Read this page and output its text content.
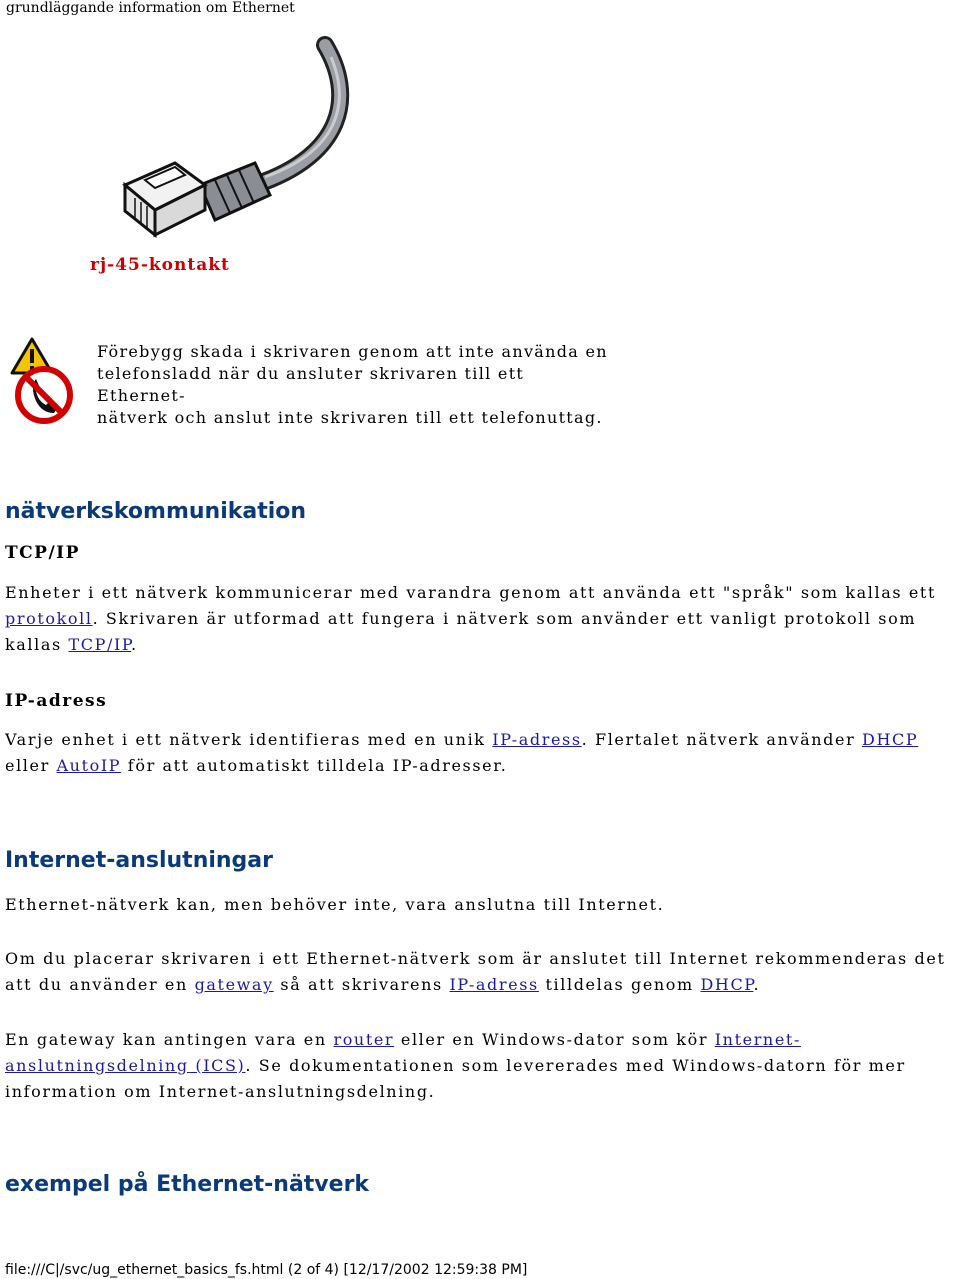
grundläggande information om Ethernet
rj-45-kontakt
Förebygg skada i skrivaren genom att inte använda en
telefonsladd när du ansluter skrivaren till ett Ethernet-
nätverk och anslut inte skrivaren till ett telefonuttag.
nätverkskommunikation
TCP/IP
Enheter i ett nätverk kommunicerar med varandra genom att använda ett "språk" som kallas ett protokoll. Skrivaren är utformad att fungera i nätverk som använder ett vanligt protokoll som kallas TCP/IP.
IP-adress
Varje enhet i ett nätverk identifieras med en unik IP-adress. Flertalet nätverk använder DHCP eller AutoIP för att automatiskt tilldela IP-adresser.
Internet-anslutningar
Ethernet-nätverk kan, men behöver inte, vara anslutna till Internet.
Om du placerar skrivaren i ett Ethernet-nätverk som är anslutet till Internet rekommenderas det att du använder en gateway så att skrivarens IP-adress tilldelas genom DHCP.
En gateway kan antingen vara en router eller en Windows-dator som kör Internet-anslutningsdelning (ICS). Se dokumentationen som levererades med Windows-datorn för mer information om Internet-anslutningsdelning.
exempel på Ethernet-nätverk
file:///C|/svc/ug_ethernet_basics_fs.html (2 of 4) [12/17/2002 12:59:38 PM]
